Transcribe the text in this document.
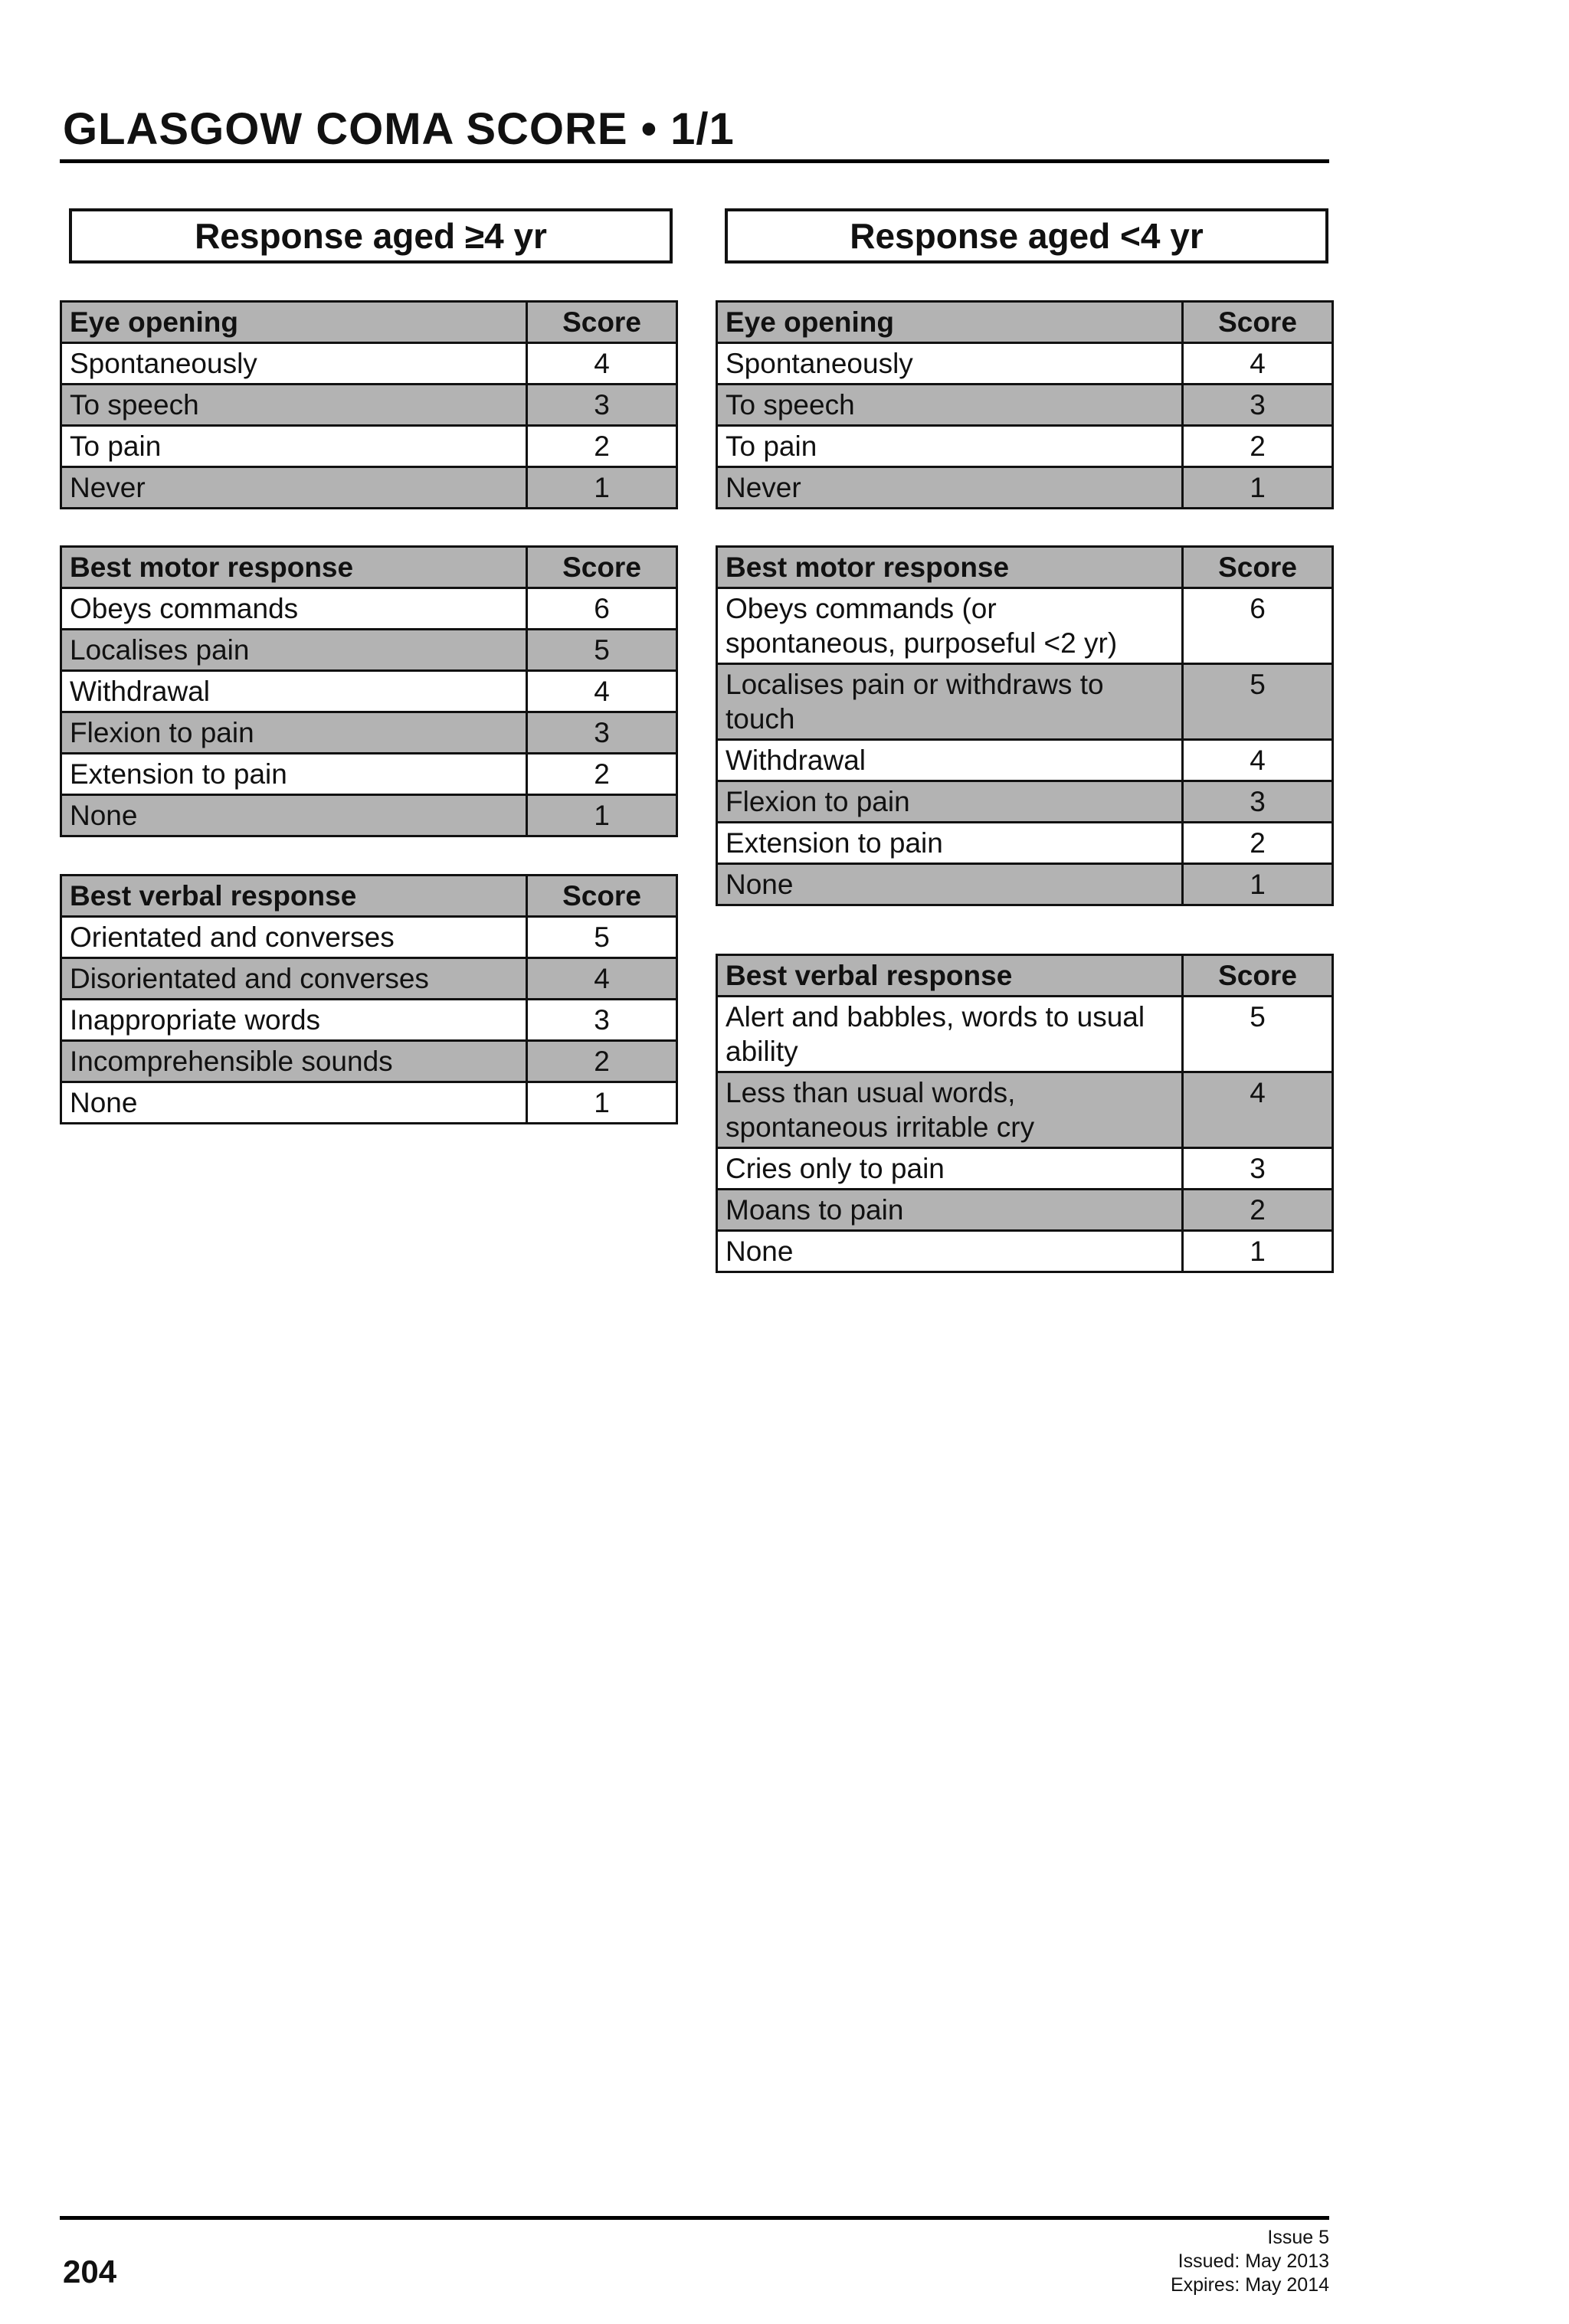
GLASGOW COMA SCORE • 1/1
Response aged ≥4 yr	Response aged <4 yr
Eye opening	Score
Spontaneously	4
To speech	3
To pain	2
Never	1
Best motor response	Score
Obeys commands	6
Localises pain	5
Withdrawal	4
Flexion to pain	3
Extension to pain	2
None	1
Best verbal response	Score
Orientated and converses	5
Disorientated and converses	4
Inappropriate words	3
Incomprehensible sounds	2
None	1
Eye opening	Score
Spontaneously	4
To speech	3
To pain	2
Never	1
Best motor response	Score
Obeys commands (or spontaneous, purposeful <2 yr)	6
Localises pain or withdraws to touch	5
Withdrawal	4
Flexion to pain	3
Extension to pain	2
None	1
Best verbal response	Score
Alert and babbles, words to usual ability	5
Less than usual words, spontaneous irritable cry	4
Cries only to pain	3
Moans to pain	2
None	1
204
Issue 5
Issued: May 2013
Expires: May 2014
